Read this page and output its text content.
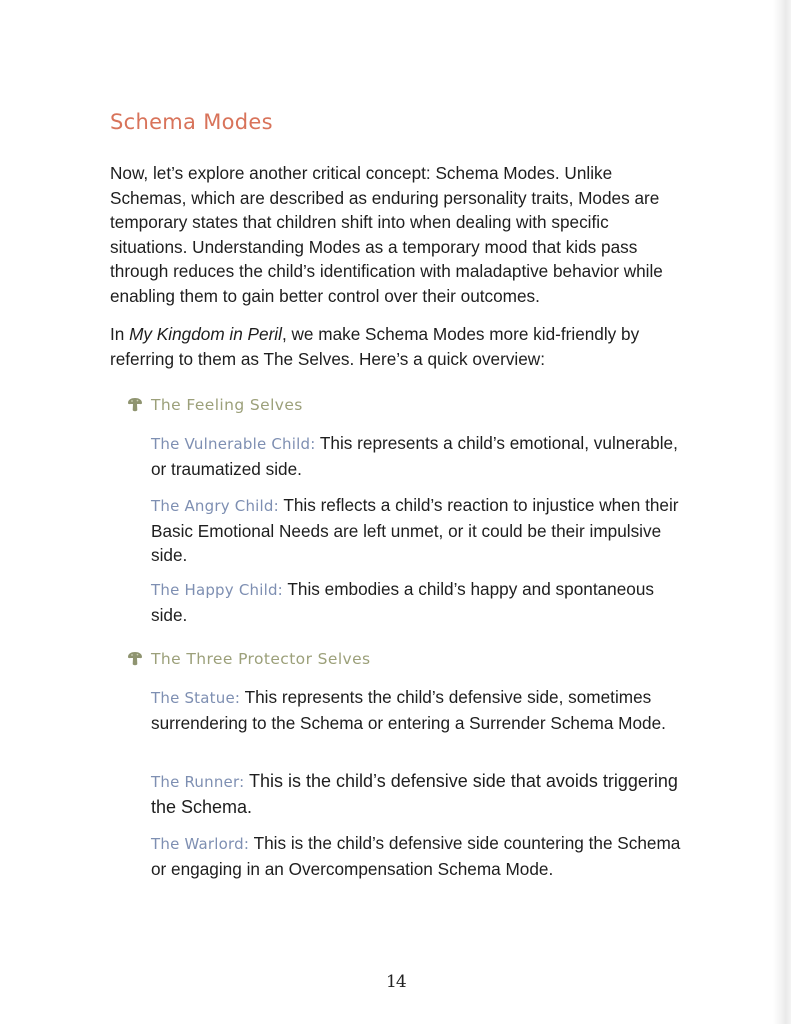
Schema Modes

Now, let’s explore another critical concept: Schema Modes. Unlike Schemas, which are described as enduring personality traits, Modes are temporary states that children shift into when dealing with specific situations. Understanding Modes as a temporary mood that kids pass through reduces the child’s identification with maladaptive behavior while enabling them to gain better control over their outcomes.

In My Kingdom in Peril, we make Schema Modes more kid-friendly by referring to them as The Selves. Here’s a quick overview:

The Feeling Selves

The Vulnerable Child: This represents a child’s emotional, vulnerable, or traumatized side.

The Angry Child: This reflects a child’s reaction to injustice when their Basic Emotional Needs are left unmet, or it could be their impulsive side.

The Happy Child: This embodies a child’s happy and spontaneous side.

The Three Protector Selves

The Statue: This represents the child’s defensive side, sometimes surrendering to the Schema or entering a Surrender Schema Mode.

The Runner: This is the child’s defensive side that avoids triggering the Schema.

The Warlord: This is the child’s defensive side countering the Schema or engaging in an Overcompensation Schema Mode.

14
